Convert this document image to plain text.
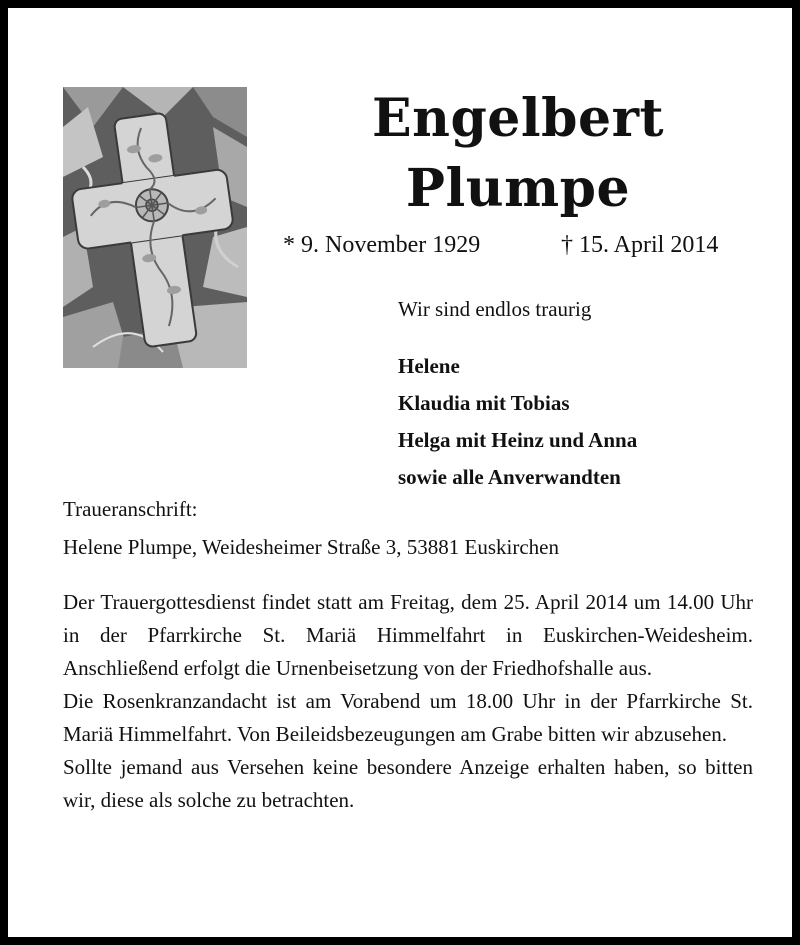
Engelbert
Plumpe
* 9. November 1929	† 15. April 2014
Wir sind endlos traurig
Helene
Klaudia mit Tobias
Helga mit Heinz und Anna
sowie alle Anverwandten
Traueranschrift:
Helene Plumpe, Weidesheimer Straße 3, 53881 Euskirchen

Der Trauergottesdienst findet statt am Freitag, dem 25. April 2014 um 14.00 Uhr in der Pfarrkirche St. Mariä Himmelfahrt in Euskirchen-Weidesheim. Anschließend erfolgt die Urnenbeisetzung von der Friedhofshalle aus.

Die Rosenkranzandacht ist am Vorabend um 18.00 Uhr in der Pfarrkirche St. Mariä Himmelfahrt. Von Beileidsbezeugungen am Grabe bitten wir abzusehen.

Sollte jemand aus Versehen keine besondere Anzeige erhalten haben, so bitten wir, diese als solche zu betrachten.
